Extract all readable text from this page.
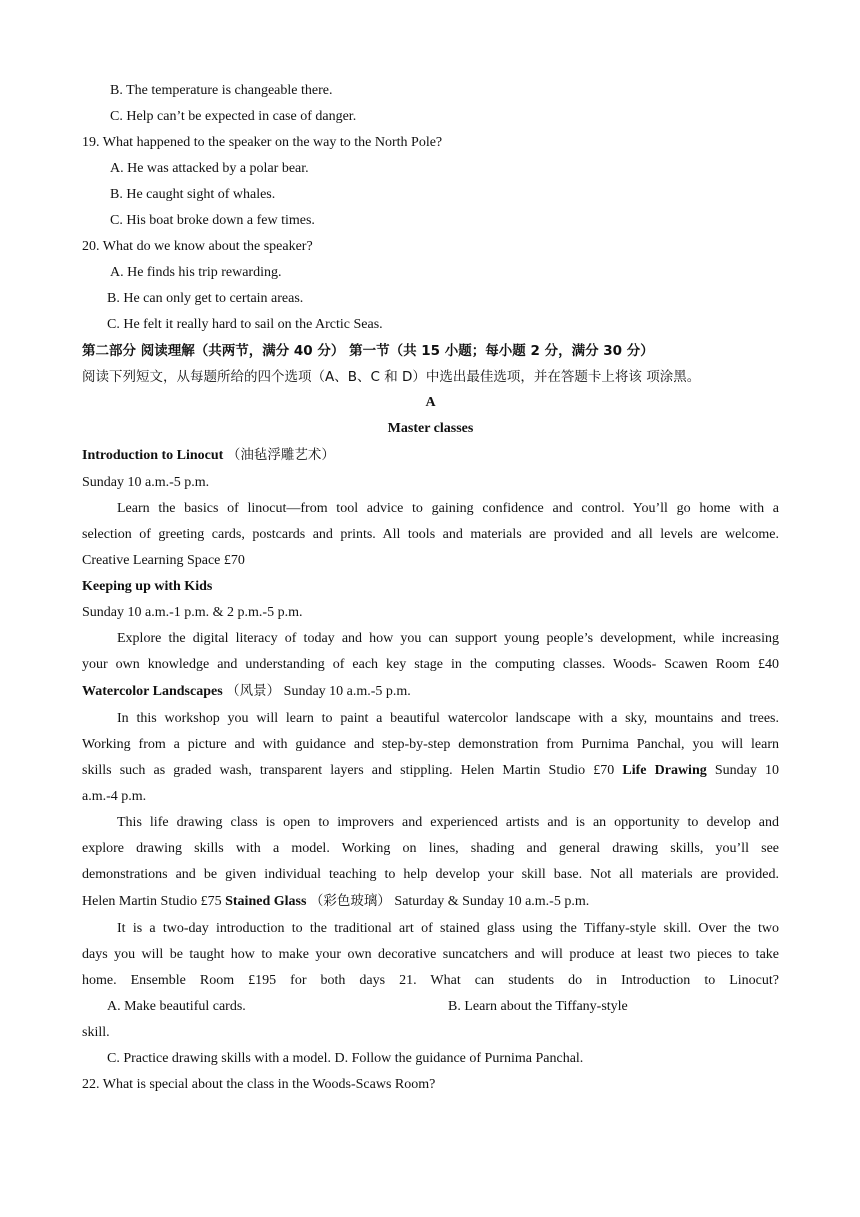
B. The temperature is changeable there.
C. Help can’t be expected in case of danger.
19. What happened to the speaker on the way to the North Pole?
A. He was attacked by a polar bear.
B. He caught sight of whales.
C. His boat broke down a few times.
20. What do we know about the speaker?
A. He finds his trip rewarding.
B. He can only get to certain areas.
C. He felt it really hard to sail on the Arctic Seas.
第二部分 阅读理解（共两节，满分 40 分） 第一节（共 15 小题；每小题 2 分，满分 30 分）
阅读下列短文，从每题所给的四个选项（A、B、C 和 D）中选出最佳选项，并在答题卡上将该 项涂黑。
A
Master classes
Introduction to Linocut （油毡浮雕艺术）
Sunday 10 a.m.-5 p.m.
Learn the basics of linocut—from tool advice to gaining confidence and control. You’ll go home with a
selection of greeting cards, postcards and prints. All tools and materials are provided and all levels are welcome.
Creative Learning Space £70
Keeping up with Kids
Sunday 10 a.m.-1 p.m. & 2 p.m.-5 p.m.
Explore the digital literacy of today and how you can support young people’s development, while increasing
your own knowledge and understanding of each key stage in the computing classes. Woods- Scawen Room £40
Watercolor Landscapes （风景） Sunday 10 a.m.-5 p.m.
In this workshop you will learn to paint a beautiful watercolor landscape with a sky, mountains and trees.
Working from a picture and with guidance and step-by-step demonstration from Purnima Panchal, you will learn
skills such as graded wash, transparent layers and stippling. Helen Martin Studio £70 Life Drawing Sunday 10
a.m.-4 p.m.
This life drawing class is open to improvers and experienced artists and is an opportunity to develop and
explore drawing skills with a model. Working on lines, shading and general drawing skills, you’ll see
demonstrations and be given individual teaching to help develop your skill base. Not all materials are provided.
Helen Martin Studio £75 Stained Glass （彩色玻璃） Saturday & Sunday 10 a.m.-5 p.m.
It is a two-day introduction to the traditional art of stained glass using the Tiffany-style skill. Over the two
days you will be taught how to make your own decorative suncatchers and will produce at least two pieces to take
home. Ensemble Room £195 for both days 21. What can students do in Introduction to Linocut?
A. Make beautiful cards.	B. Learn about the Tiffany-style
skill.
C. Practice drawing skills with a model. D. Follow the guidance of Purnima Panchal.
22. What is special about the class in the Woods-Scaws Room?
